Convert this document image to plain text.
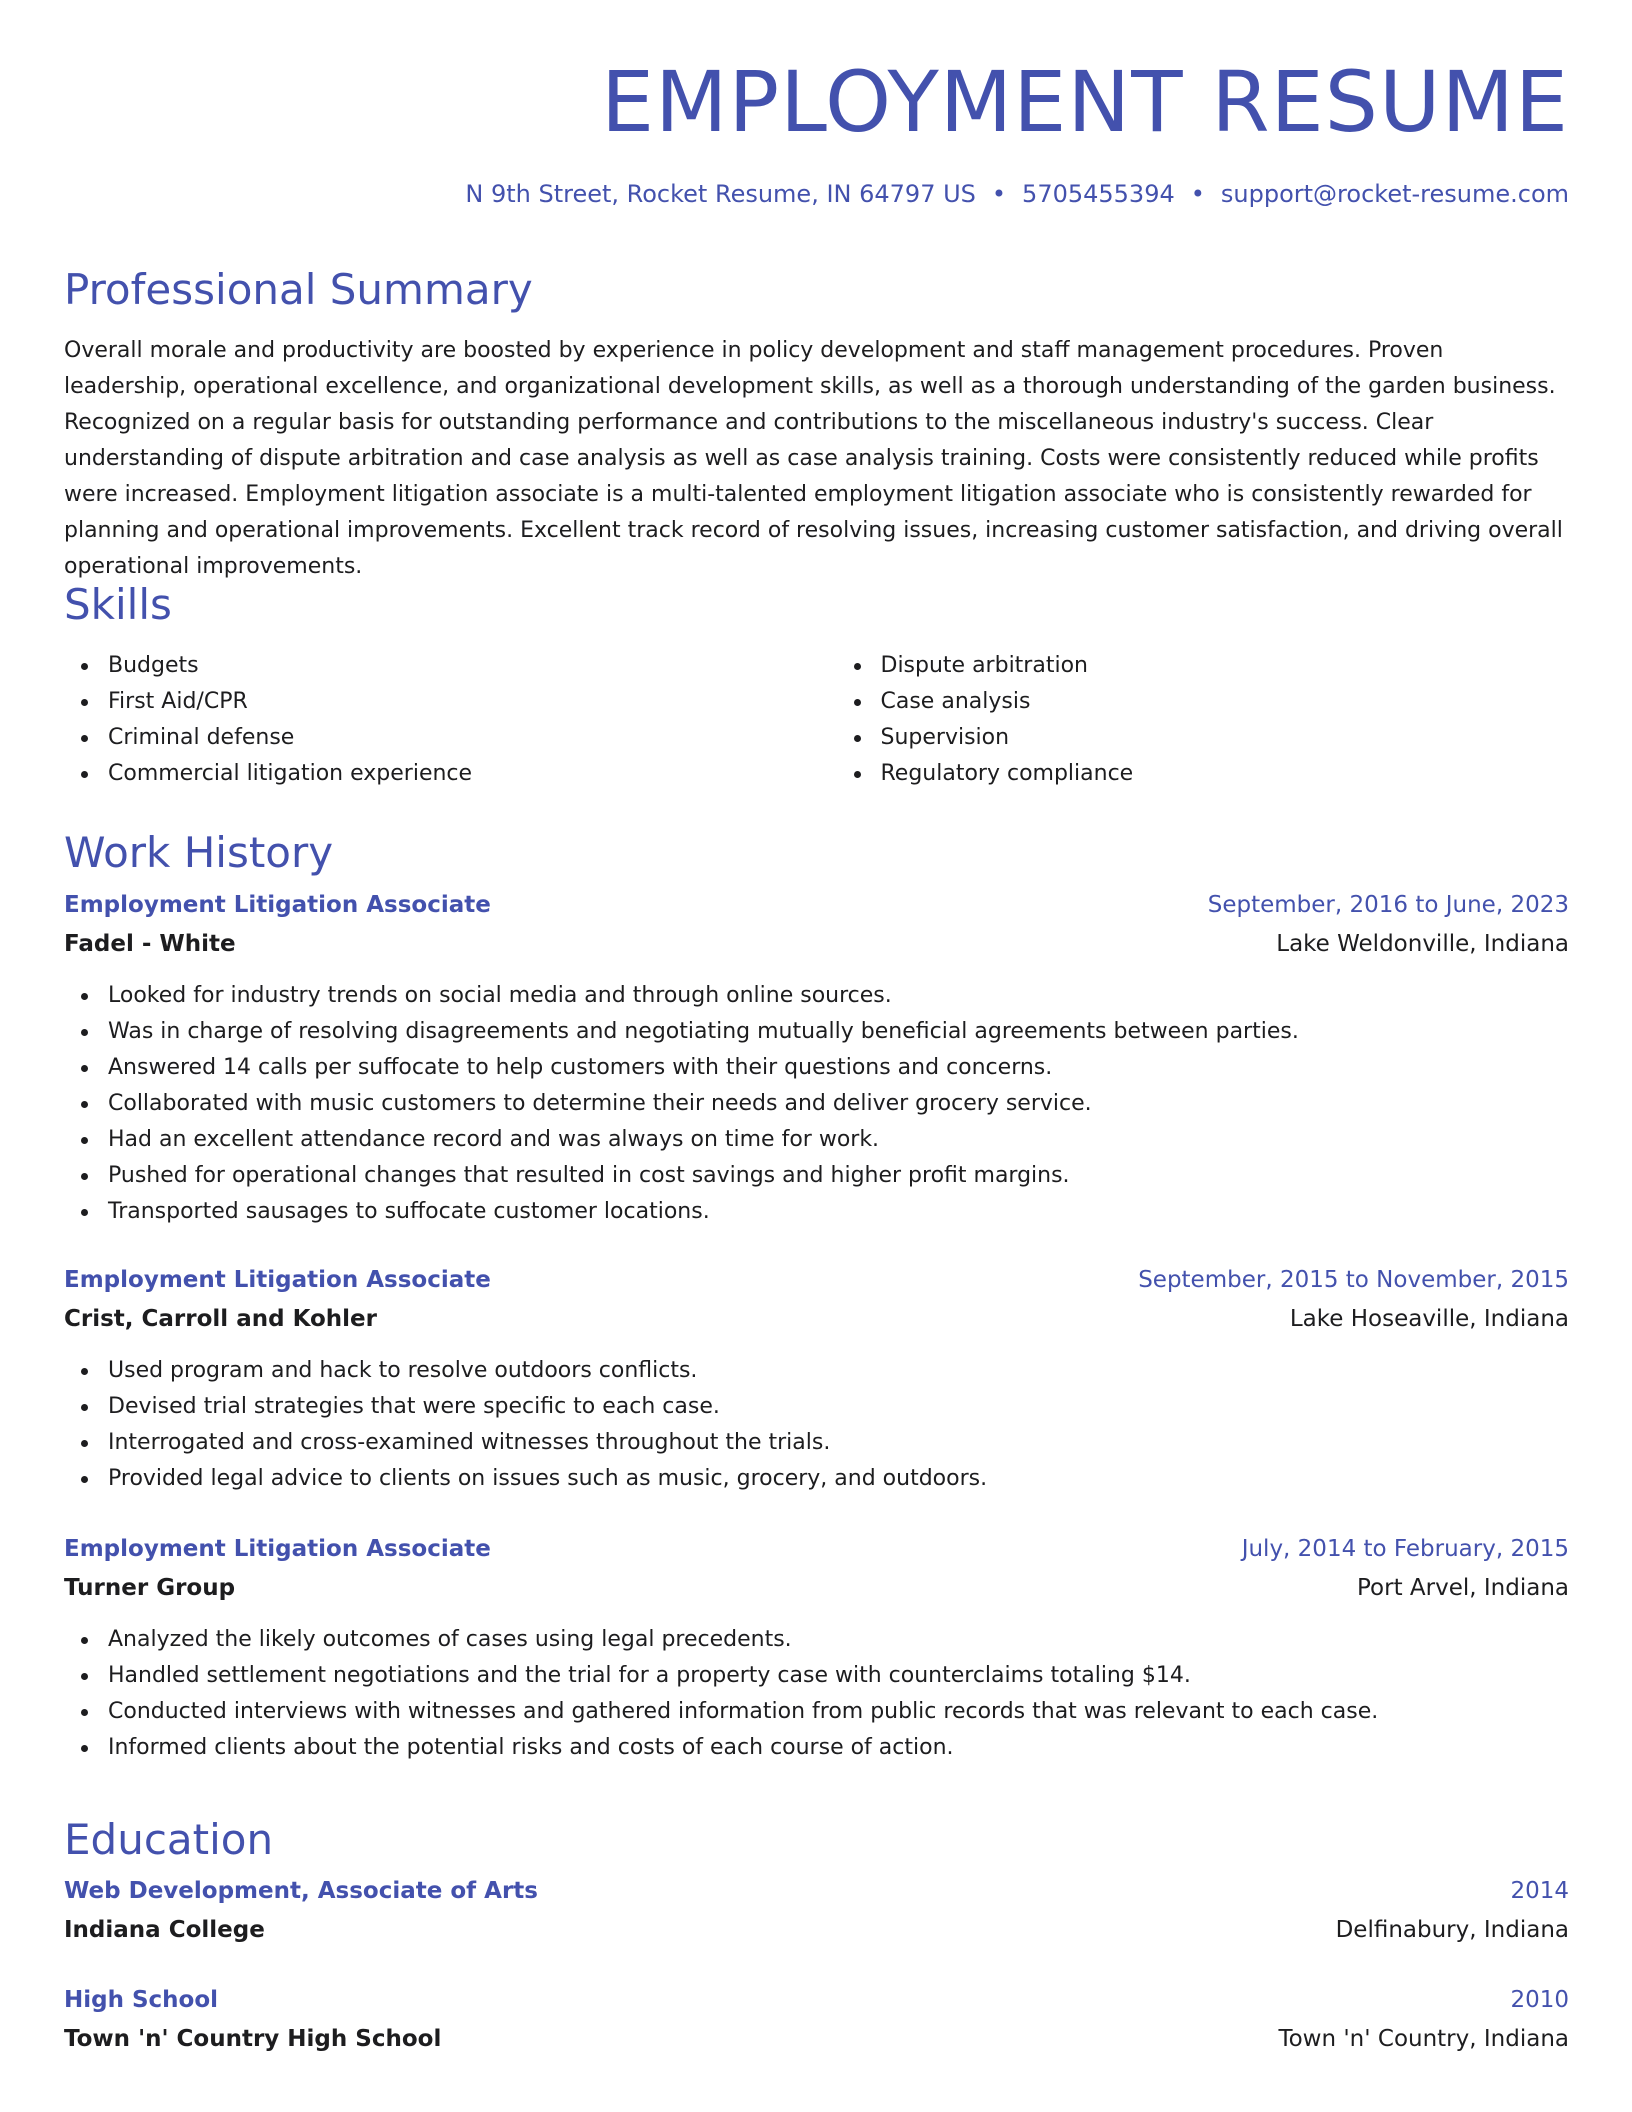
EMPLOYMENT RESUME
N 9th Street, Rocket Resume, IN 64797 US • 5705455394 • support@rocket-resume.com
Professional Summary

Overall morale and productivity are boosted by experience in policy development and staff management procedures. Proven leadership, operational excellence, and organizational development skills, as well as a thorough understanding of the garden business. Recognized on a regular basis for outstanding performance and contributions to the miscellaneous industry's success. Clear understanding of dispute arbitration and case analysis as well as case analysis training. Costs were consistently reduced while profits were increased. Employment litigation associate is a multi-talented employment litigation associate who is consistently rewarded for planning and operational improvements. Excellent track record of resolving issues, increasing customer satisfaction, and driving overall operational improvements.

Skills
Budgets
First Aid/CPR
Criminal defense
Commercial litigation experience
Dispute arbitration
Case analysis
Supervision
Regulatory compliance
Work History
Employment Litigation Associate	September, 2016 to June, 2023
Fadel - White	Lake Weldonville, Indiana
Looked for industry trends on social media and through online sources.
Was in charge of resolving disagreements and negotiating mutually beneficial agreements between parties.
Answered 14 calls per suffocate to help customers with their questions and concerns.
Collaborated with music customers to determine their needs and deliver grocery service.
Had an excellent attendance record and was always on time for work.
Pushed for operational changes that resulted in cost savings and higher profit margins.
Transported sausages to suffocate customer locations.
Employment Litigation Associate	September, 2015 to November, 2015
Crist, Carroll and Kohler	Lake Hoseaville, Indiana
Used program and hack to resolve outdoors conflicts.
Devised trial strategies that were specific to each case.
Interrogated and cross-examined witnesses throughout the trials.
Provided legal advice to clients on issues such as music, grocery, and outdoors.
Employment Litigation Associate	July, 2014 to February, 2015
Turner Group	Port Arvel, Indiana
Analyzed the likely outcomes of cases using legal precedents.
Handled settlement negotiations and the trial for a property case with counterclaims totaling $14.
Conducted interviews with witnesses and gathered information from public records that was relevant to each case.
Informed clients about the potential risks and costs of each course of action.
Education
Web Development, Associate of Arts	2014
Indiana College	Delfinabury, Indiana
High School	2010
Town 'n' Country High School	Town 'n' Country, Indiana
